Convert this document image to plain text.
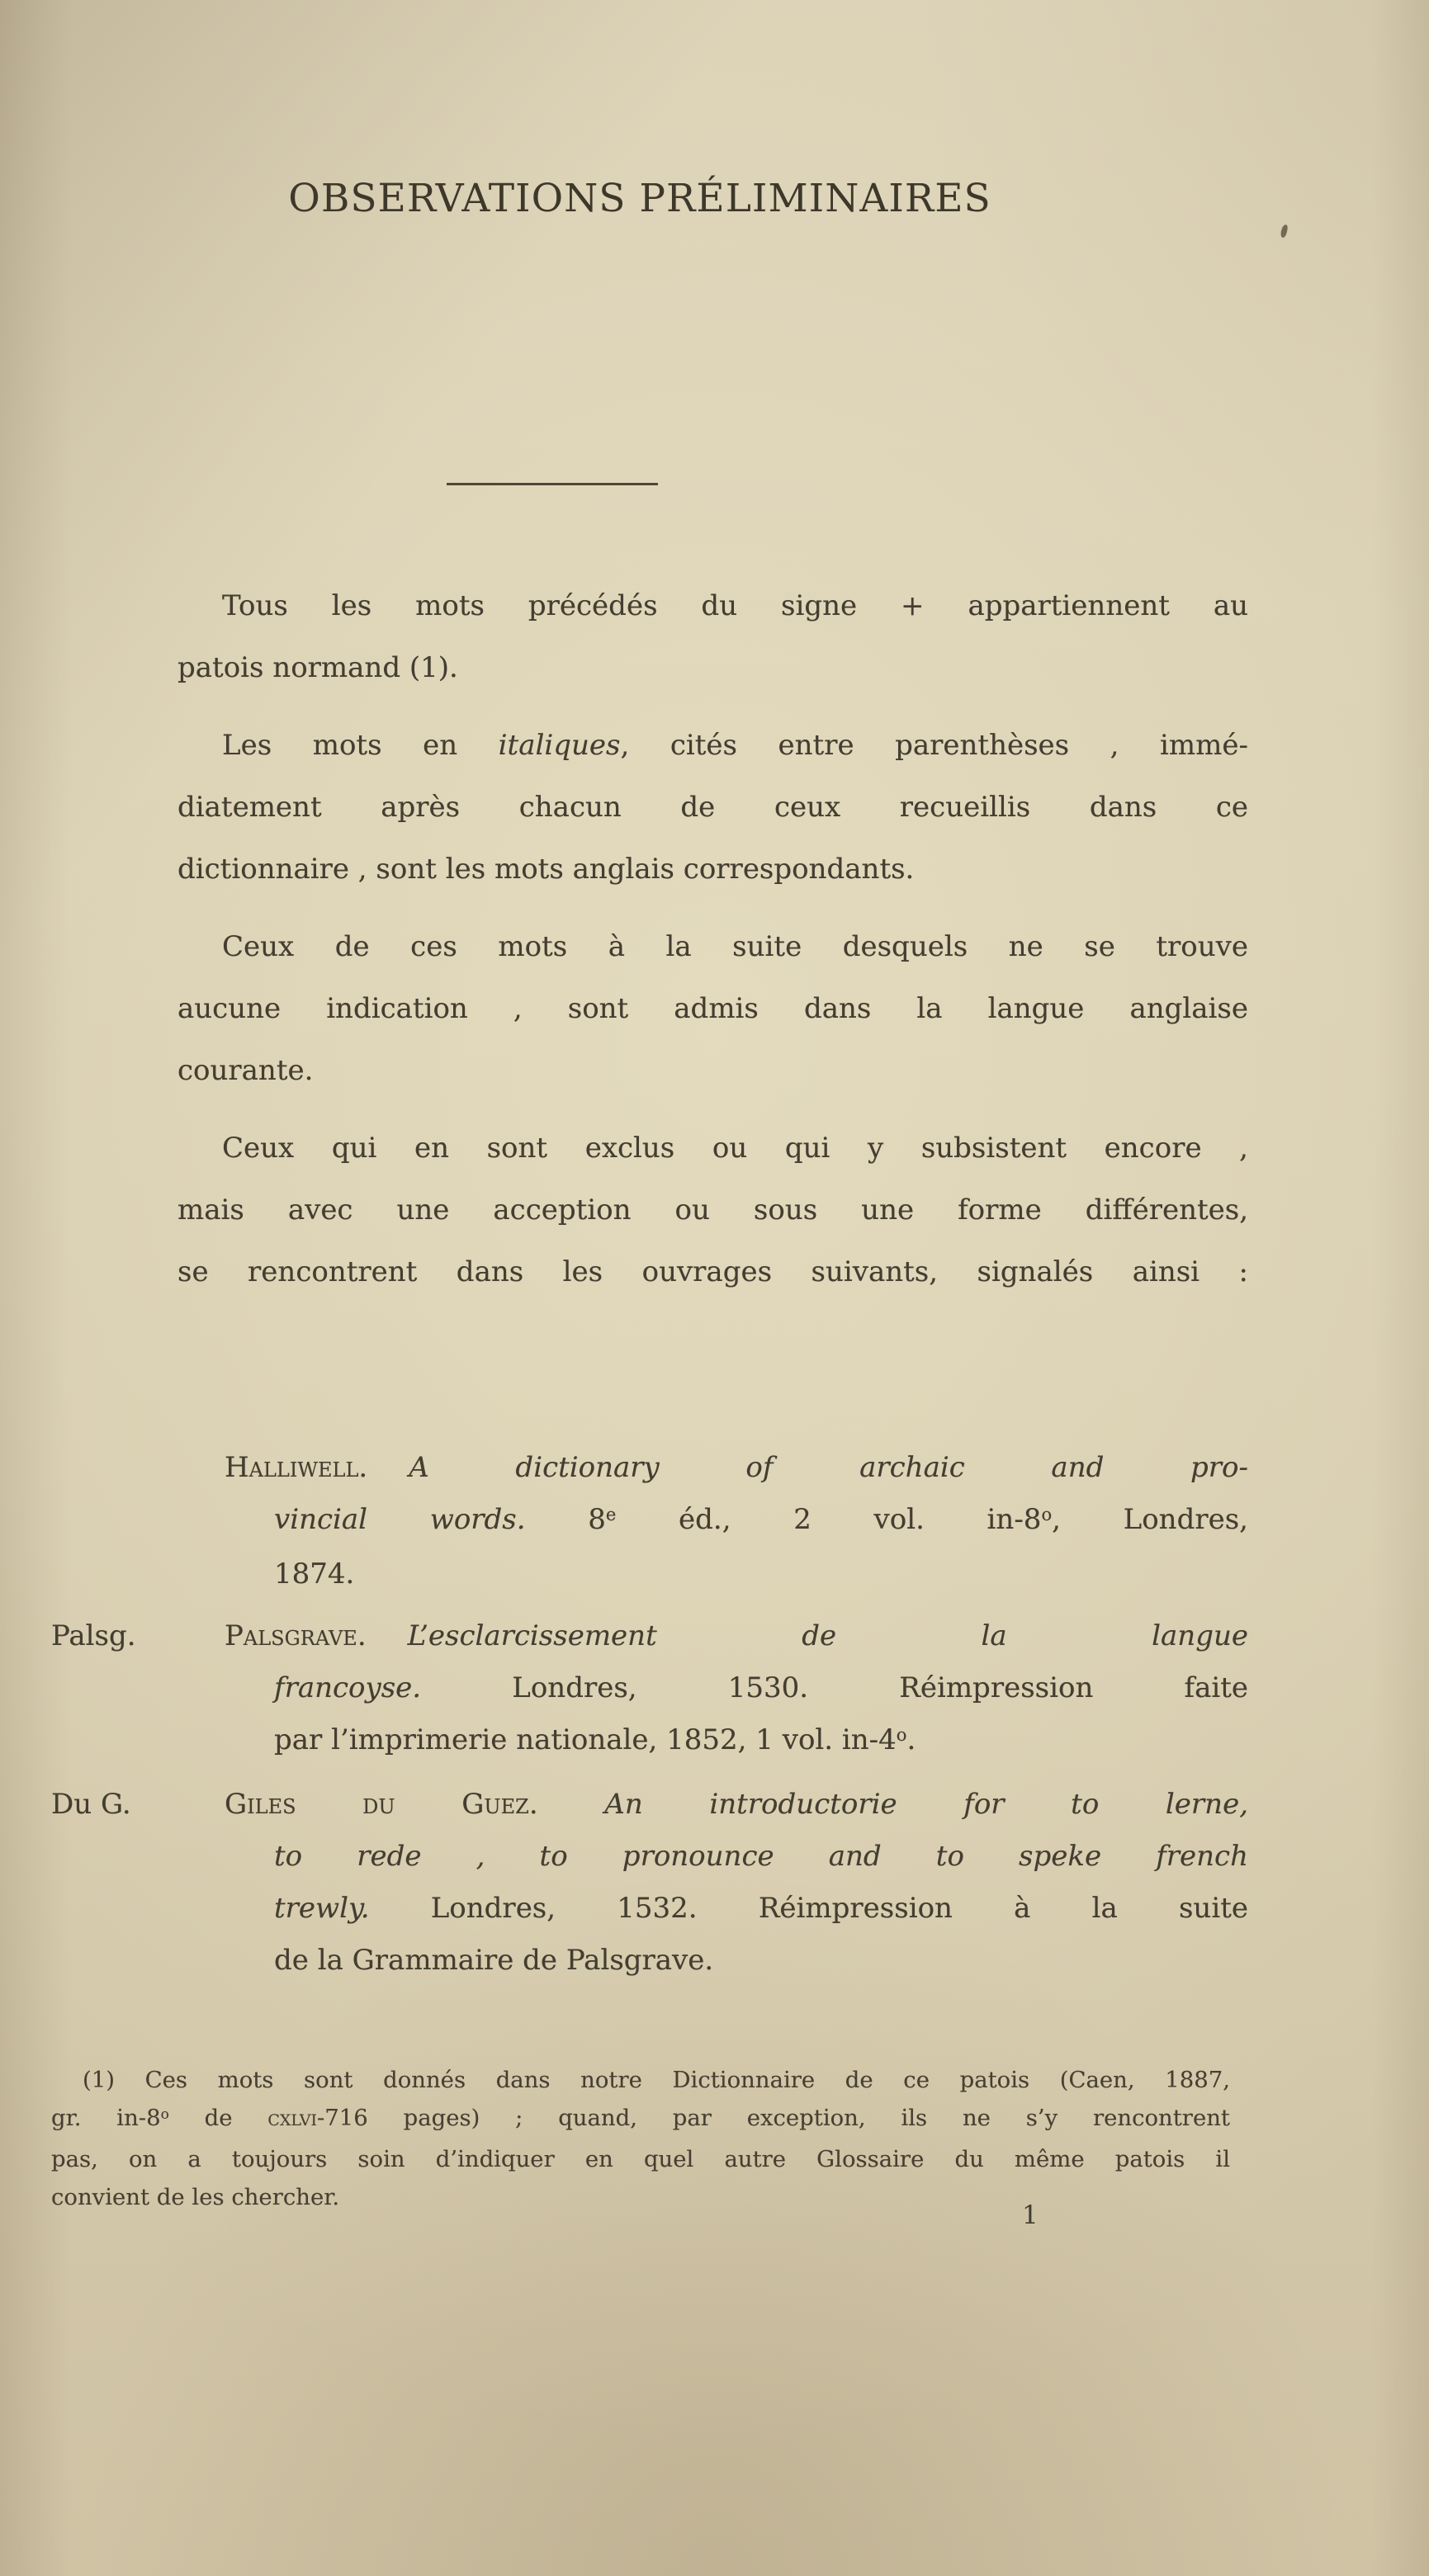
OBSERVATIONS PRÉLIMINAIRES
Tous les mots précédés du signe + appartiennent au
patois normand (1).
Les mots en italiques, cités entre parenthèses , immé-
diatement après chacun de ceux recueillis dans ce
dictionnaire , sont les mots anglais correspondants.
Ceux de ces mots à la suite desquels ne se trouve
aucune indication , sont admis dans la langue anglaise
courante.
Ceux qui en sont exclus ou qui y subsistent encore ,
mais avec une acception ou sous une forme différentes,
se rencontrent dans les ouvrages suivants, signalés ainsi :
Halliwell. A dictionary of archaic and pro-
vincial words. 8e éd., 2 vol. in-8$^o$, Londres,
1874.
Palsg.	Palsgrave. L’esclarcissement de la langue
francoyse. Londres, 1530. Réimpression faite
par l’imprimerie nationale, 1852, 1 vol. in-4$^o$.
Du G.	Giles du Guez. An introductorie for to lerne,
to rede , to pronounce and to speke french
trewly. Londres, 1532. Réimpression à la suite
de la Grammaire de Palsgrave.
(1) Ces mots sont donnés dans notre Dictionnaire de ce patois (Caen, 1887,
gr. in-8$^o$ de cxlvi-716 pages) ; quand, par exception, ils ne s’y rencontrent
pas, on a toujours soin d’indiquer en quel autre Glossaire du même patois il
convient de les chercher.
1
